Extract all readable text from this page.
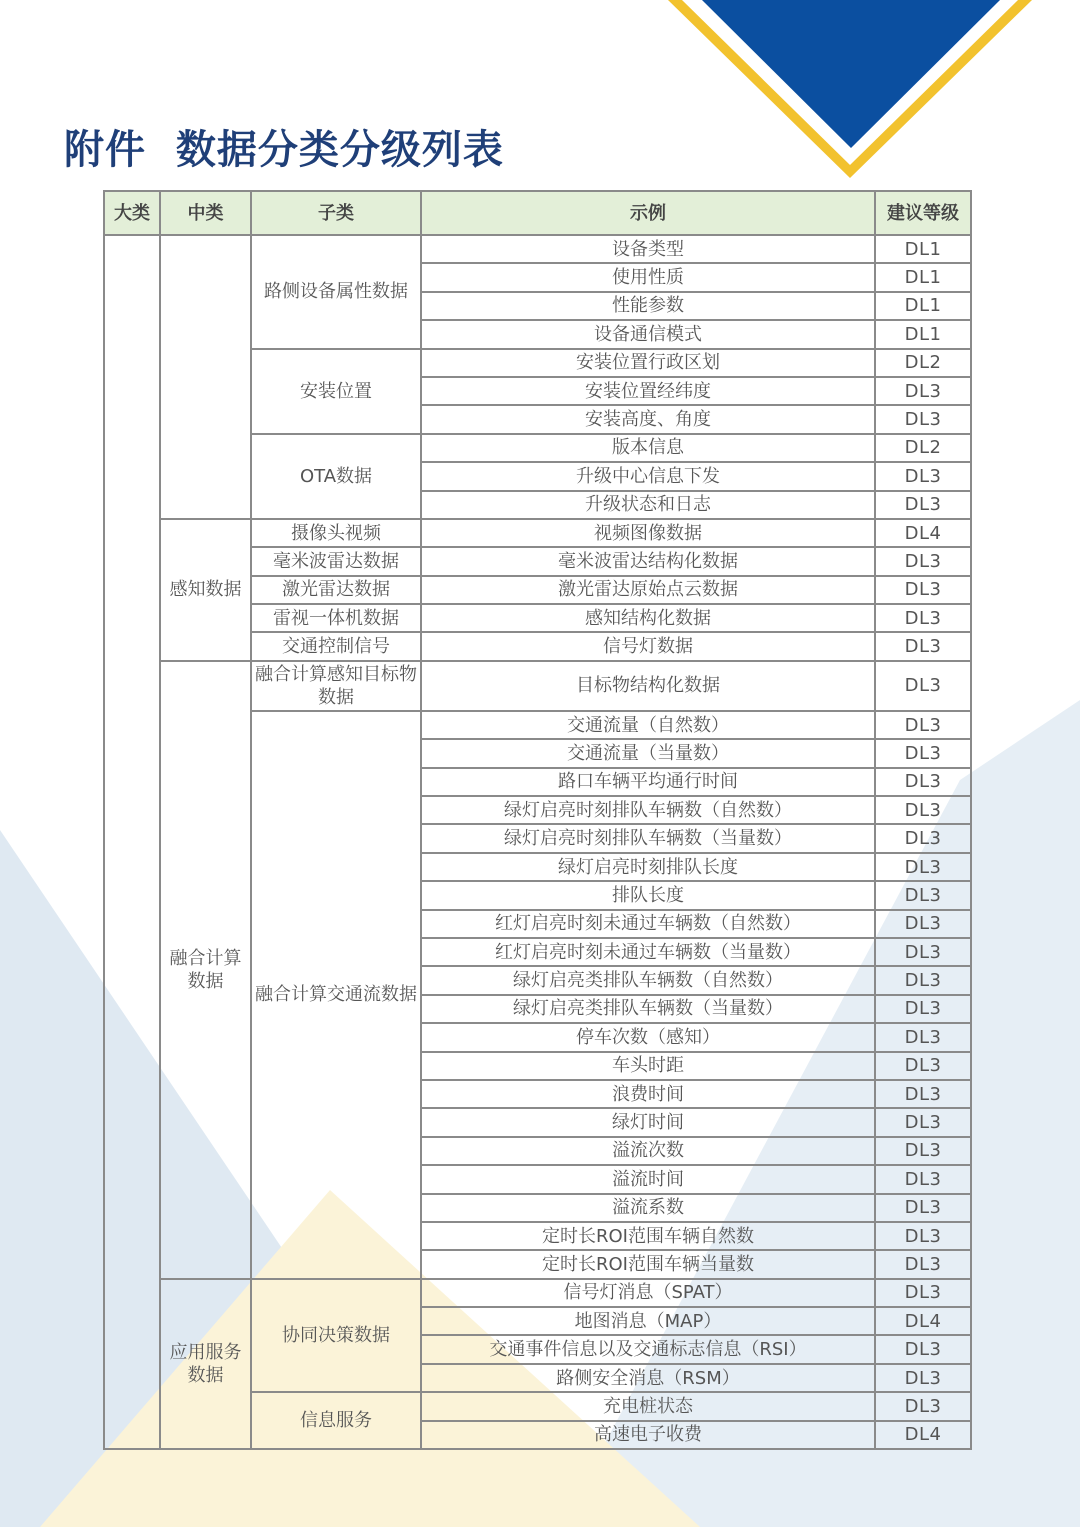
附件  数据分类分级列表
大类	中类	子类	示例	建议等级
		路侧设备属性数据	设备类型	DL1
			使用性质	DL1
			性能参数	DL1
			设备通信模式	DL1
		安装位置	安装位置行政区划	DL2
			安装位置经纬度	DL3
			安装高度、角度	DL3
		OTA数据	版本信息	DL2
			升级中心信息下发	DL3
			升级状态和日志	DL3
	感知数据	摄像头视频	视频图像数据	DL4
		毫米波雷达数据	毫米波雷达结构化数据	DL3
		激光雷达数据	激光雷达原始点云数据	DL3
		雷视一体机数据	感知结构化数据	DL3
		交通控制信号	信号灯数据	DL3
	融合计算数据	融合计算感知目标物数据	目标物结构化数据	DL3
		融合计算交通流数据	交通流量（自然数）	DL3
			交通流量（当量数）	DL3
			路口车辆平均通行时间	DL3
			绿灯启亮时刻排队车辆数（自然数）	DL3
			绿灯启亮时刻排队车辆数（当量数）	DL3
			绿灯启亮时刻排队长度	DL3
			排队长度	DL3
			红灯启亮时刻未通过车辆数（自然数）	DL3
			红灯启亮时刻未通过车辆数（当量数）	DL3
			绿灯启亮类排队车辆数（自然数）	DL3
			绿灯启亮类排队车辆数（当量数）	DL3
			停车次数（感知）	DL3
			车头时距	DL3
			浪费时间	DL3
			绿灯时间	DL3
			溢流次数	DL3
			溢流时间	DL3
			溢流系数	DL3
			定时长ROI范围车辆自然数	DL3
			定时长ROI范围车辆当量数	DL3
	应用服务数据	协同决策数据	信号灯消息（SPAT）	DL3
			地图消息（MAP）	DL4
			交通事件信息以及交通标志信息（RSI）	DL3
			路侧安全消息（RSM）	DL3
		信息服务	充电桩状态	DL3
			高速电子收费	DL4
